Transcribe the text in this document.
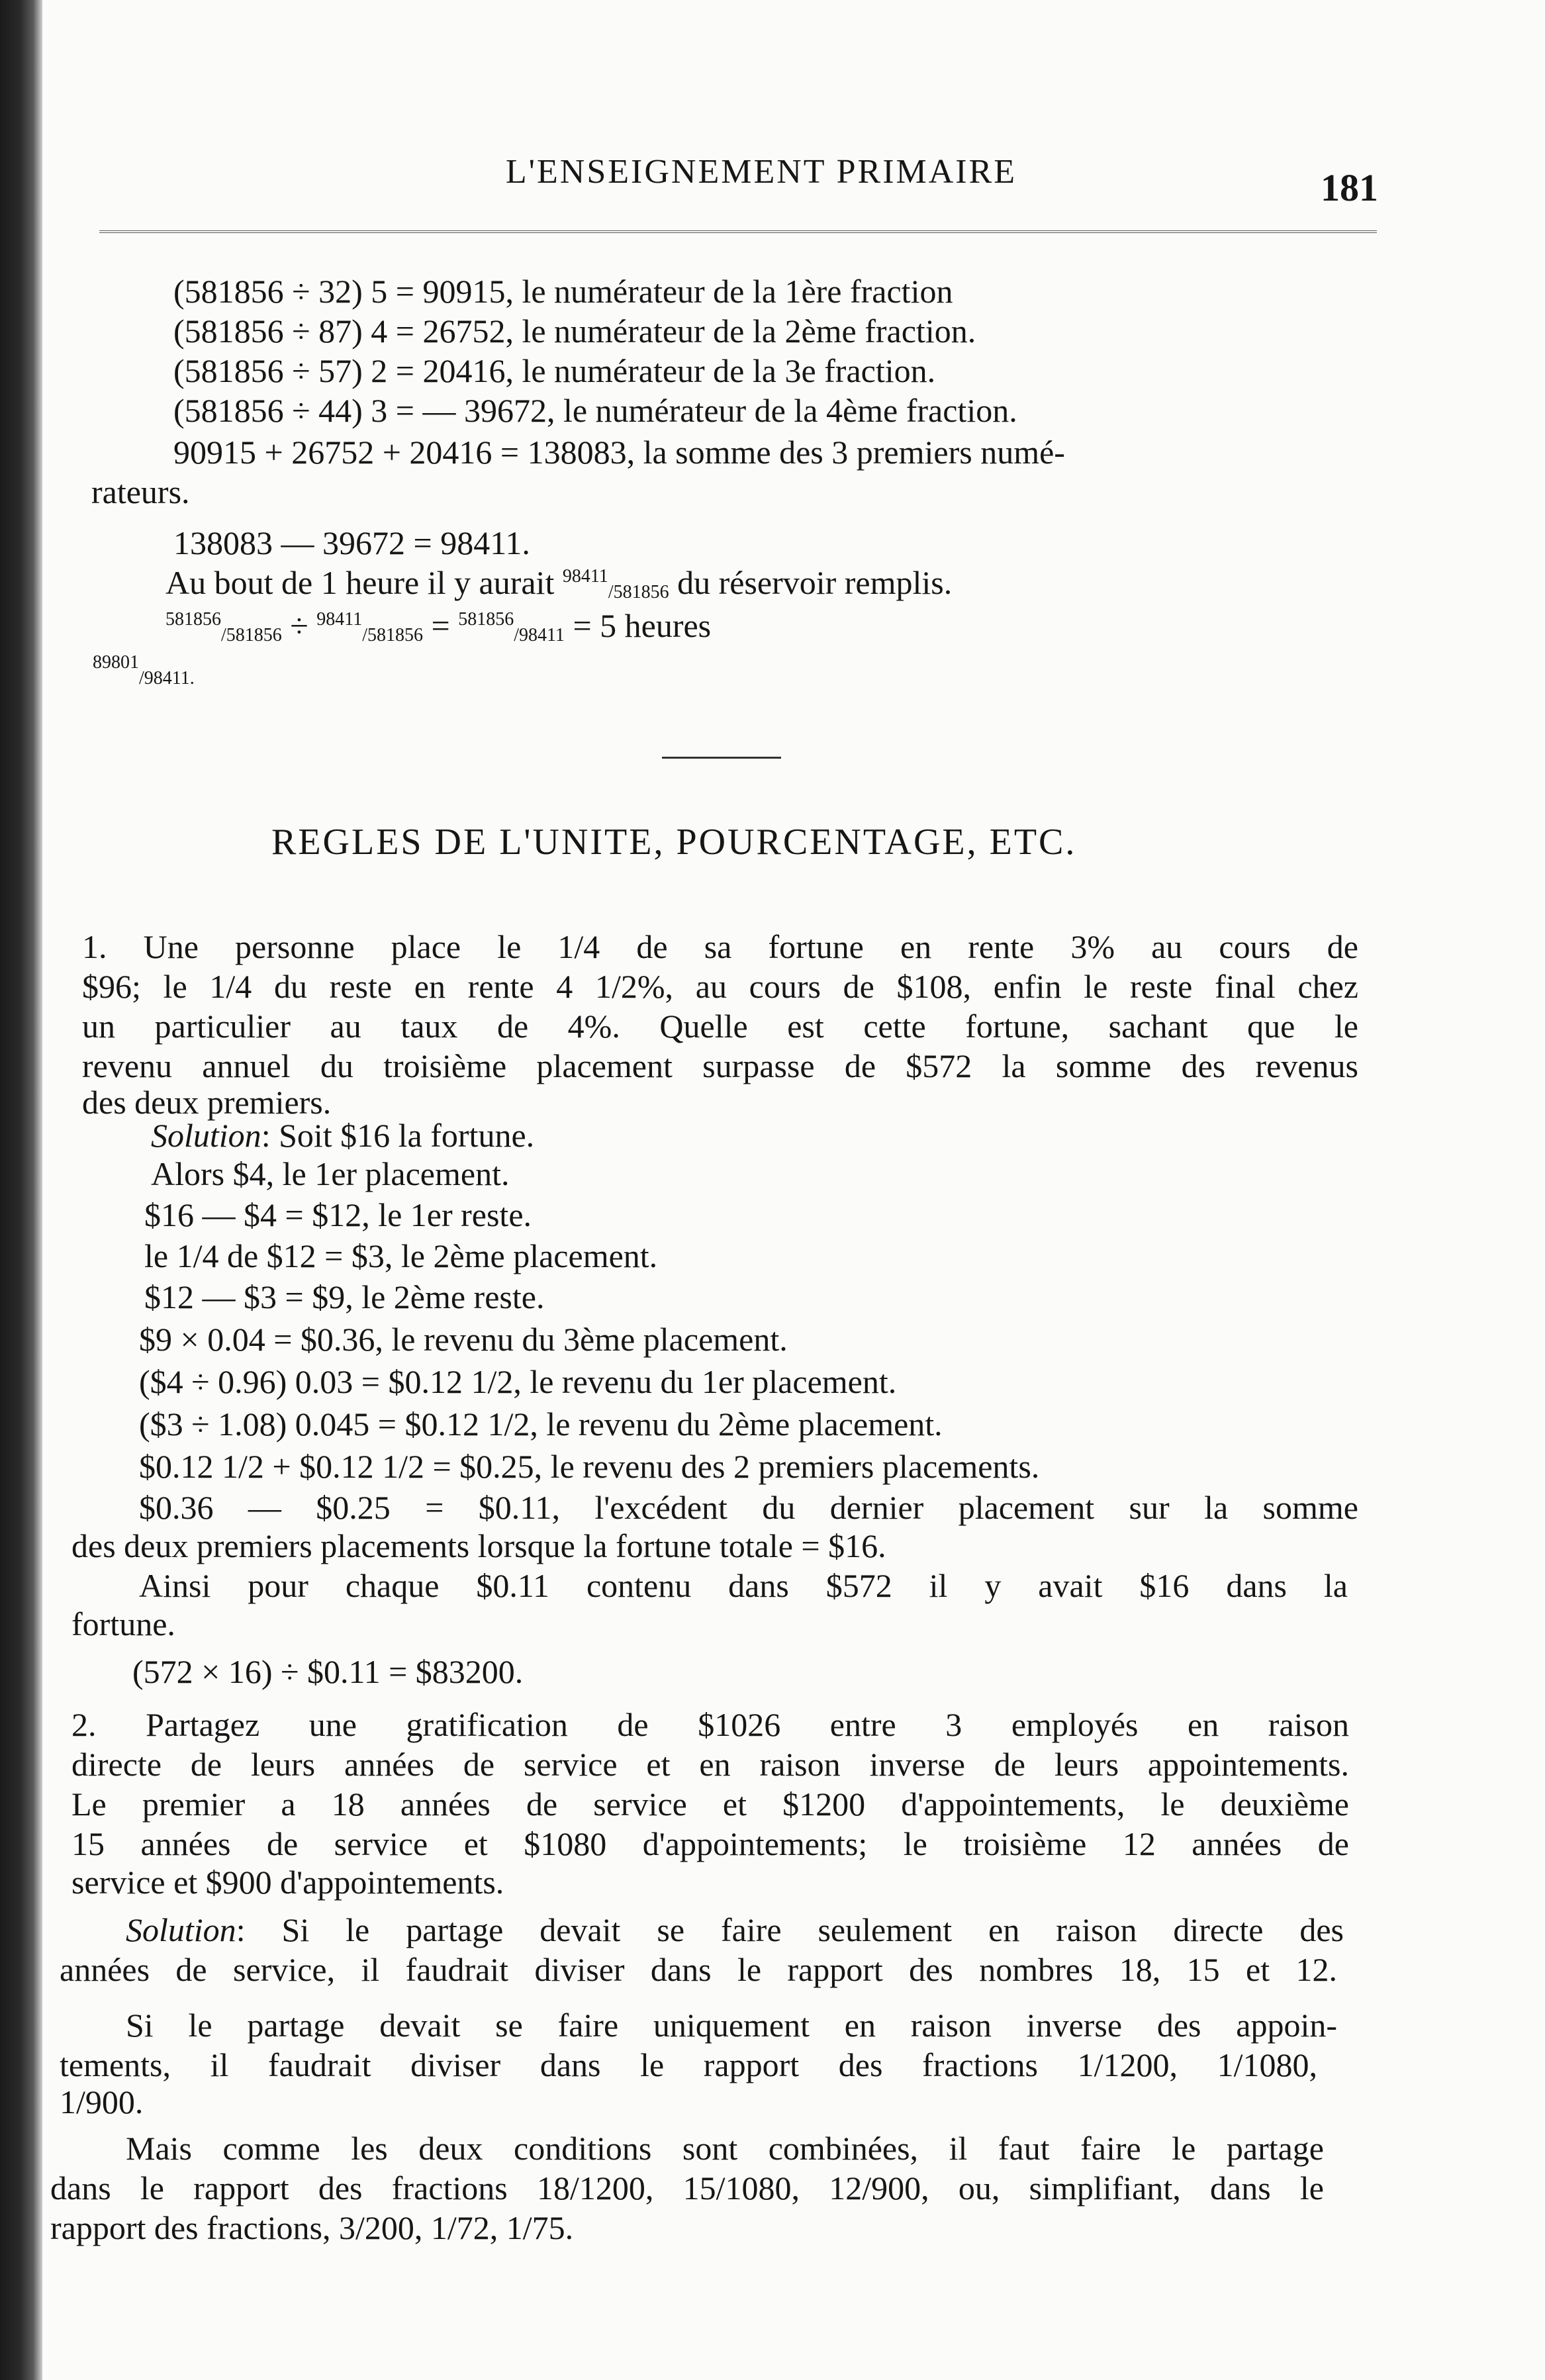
L'ENSEIGNEMENT PRIMAIRE	181
(581856 ÷ 32) 5 = 90915, le numérateur de la 1ère fraction
(581856 ÷ 87) 4 = 26752, le numérateur de la 2ème fraction.
(581856 ÷ 57) 2 = 20416, le numérateur de la 3e fraction.
(581856 ÷ 44) 3 = — 39672, le numérateur de la 4ème fraction.
90915 + 26752 + 20416 = 138083, la somme des 3 premiers numé-
rateurs.
138083 — 39672 = 98411.
Au bout de 1 heure il y aurait $^{98411}$/581856 du réservoir remplis.
$^{581856}$/581856 ÷ $^{98411}$/581856 = $^{581856}$/98411 = 5 heures
$^{89801}$/98411.
REGLES DE L'UNITE, POURCENTAGE, ETC.
1. Une personne place le 1/4 de sa fortune en rente 3% au cours de
$96; le 1/4 du reste en rente 4 1/2%, au cours de $108, enfin le reste final chez
un particulier au taux de 4%. Quelle est cette fortune, sachant que le
revenu annuel du troisième placement surpasse de $572 la somme des revenus
des deux premiers.
Solution: Soit $16 la fortune.
Alors $4, le 1er placement.
$16 — $4 = $12, le 1er reste.
le 1/4 de $12 = $3, le 2ème placement.
$12 — $3 = $9, le 2ème reste.
$9 × 0.04 = $0.36, le revenu du 3ème placement.
($4 ÷ 0.96) 0.03 = $0.12 1/2, le revenu du 1er placement.
($3 ÷ 1.08) 0.045 = $0.12 1/2, le revenu du 2ème placement.
$0.12 1/2 + $0.12 1/2 = $0.25, le revenu des 2 premiers placements.
$0.36 — $0.25 = $0.11, l'excédent du dernier placement sur la somme
des deux premiers placements lorsque la fortune totale = $16.
Ainsi pour chaque $0.11 contenu dans $572 il y avait $16 dans la
fortune.
(572 × 16) ÷ $0.11 = $83200.
2. Partagez une gratification de $1026 entre 3 employés en raison
directe de leurs années de service et en raison inverse de leurs appointements.
Le premier a 18 années de service et $1200 d'appointements, le deuxième
15 années de service et $1080 d'appointements; le troisième 12 années de
service et $900 d'appointements.
Solution: Si le partage devait se faire seulement en raison directe des
années de service, il faudrait diviser dans le rapport des nombres 18, 15 et 12.
Si le partage devait se faire uniquement en raison inverse des appoin-
tements, il faudrait diviser dans le rapport des fractions 1/1200, 1/1080,
1/900.
Mais comme les deux conditions sont combinées, il faut faire le partage
dans le rapport des fractions 18/1200, 15/1080, 12/900, ou, simplifiant, dans le
rapport des fractions, 3/200, 1/72, 1/75.
